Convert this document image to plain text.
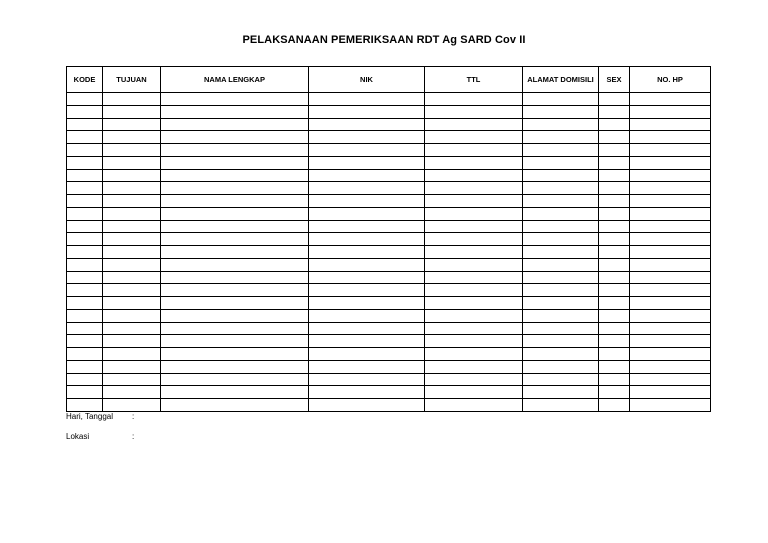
PELAKSANAAN PEMERIKSAAN RDT Ag SARD Cov II
KODE	TUJUAN	NAMA LENGKAP	NIK	TTL	ALAMAT DOMISILI	SEX	NO. HP

Hari, Tanggal :
Lokasi	:
